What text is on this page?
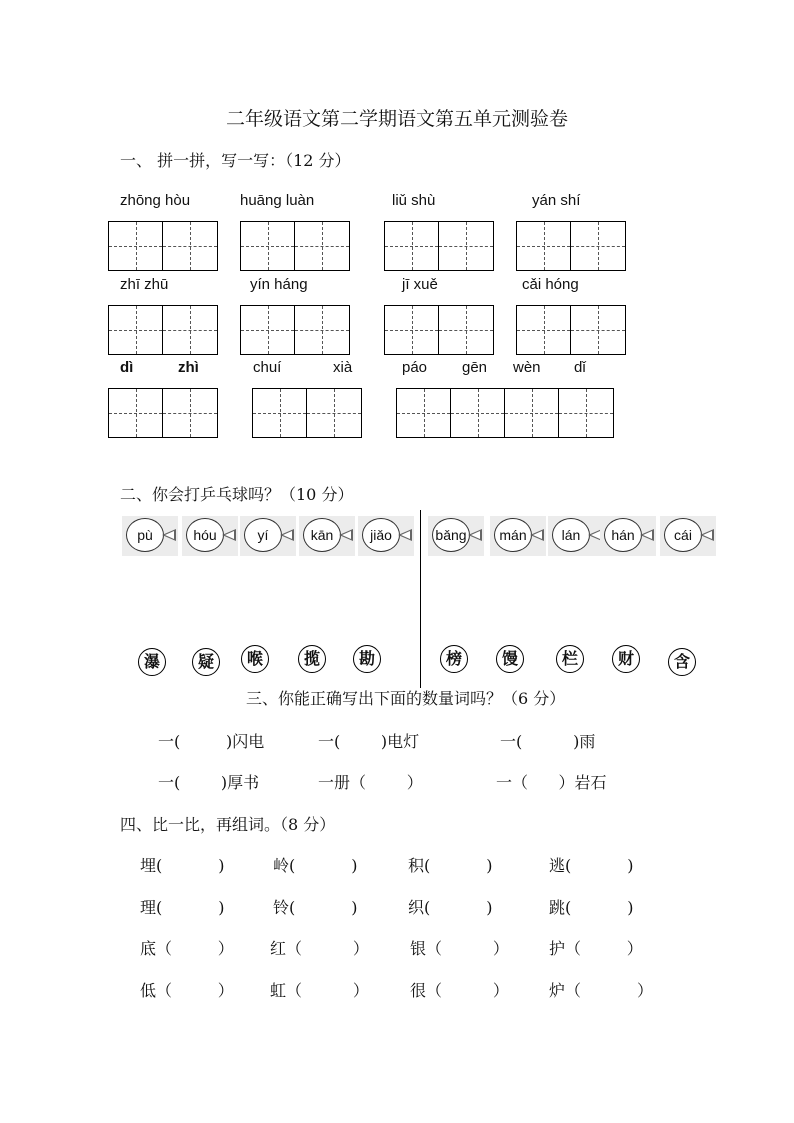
二年级语文第二学期语文第五单元测验卷
一、 拼一拼，写一写：（12 分）
zhōng hòu	huāng luàn	liǔ shù	yán shí
zhī zhū	yín háng	jī xuě	cǎi hóng
dì	zhì	chuí	xià	páo gēn wèn dǐ
二、你会打乒乓球吗？（10 分）
pù	hóu	yí	kān	jiǎo	bǎng	mán	lán	hán	cái
瀑	疑	喉	揽	勘	榜	馒	栏	财	含
三、你能正确写出下面的数量词吗？（6 分）
一(         )闪电	一(        )电灯	一(          )雨
一(        )厚书	一册（        ）	一（      ）岩石
四、比一比，再组词。（8 分）
埋(           )	岭(           )	积(           )	逃(           )
理(           )	铃(           )	织(           )	跳(           )
底（         ） 红（          ）	银（          ）	护（         ）
低（         ） 虹（          ）	很（          ）	炉（           ）
